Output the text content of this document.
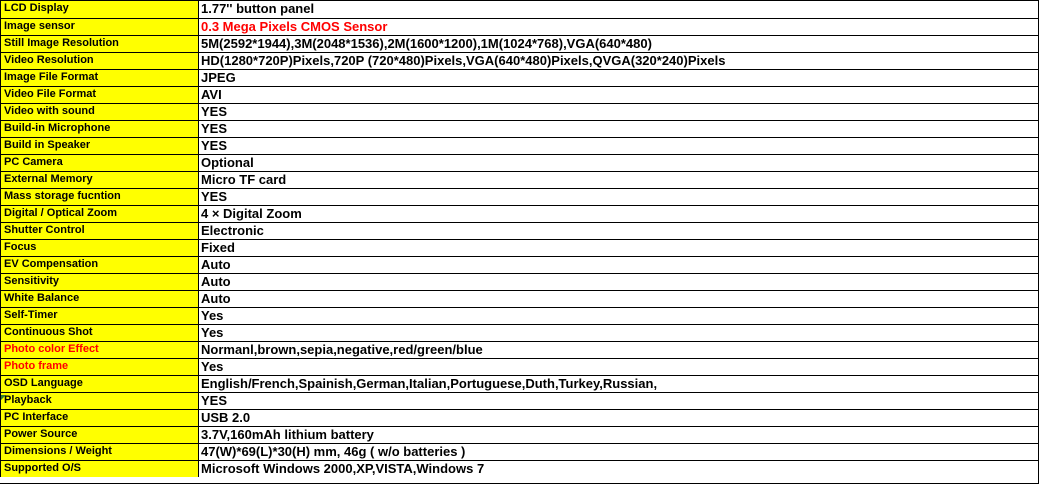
LCD Display	1.77'' button panel
Image sensor	0.3 Mega Pixels CMOS Sensor
Still Image Resolution	5M(2592*1944),3M(2048*1536),2M(1600*1200),1M(1024*768),VGA(640*480)
Video Resolution	HD(1280*720P)Pixels,720P (720*480)Pixels,VGA(640*480)Pixels,QVGA(320*240)Pixels
Image File Format	JPEG
Video File Format	AVI
Video with sound	YES
Build-in Microphone	YES
Build in Speaker	YES
PC Camera	Optional
External Memory	Micro TF card
Mass storage fucntion	YES
Digital / Optical Zoom	4 × Digital Zoom
Shutter Control	Electronic
Focus	Fixed
EV Compensation	Auto
Sensitivity	Auto
White Balance	Auto
Self-Timer	Yes
Continuous Shot	Yes
Photo color Effect	Normanl,brown,sepia,negative,red/green/blue
Photo frame	Yes
OSD Language	English/French,Spainish,German,Italian,Portuguese,Duth,Turkey,Russian,
Playback	YES
PC Interface	USB 2.0
Power Source	3.7V,160mAh lithium battery
Dimensions / Weight	47(W)*69(L)*30(H) mm, 46g ( w/o batteries )
Supported O/S	Microsoft Windows 2000,XP,VISTA,Windows 7
